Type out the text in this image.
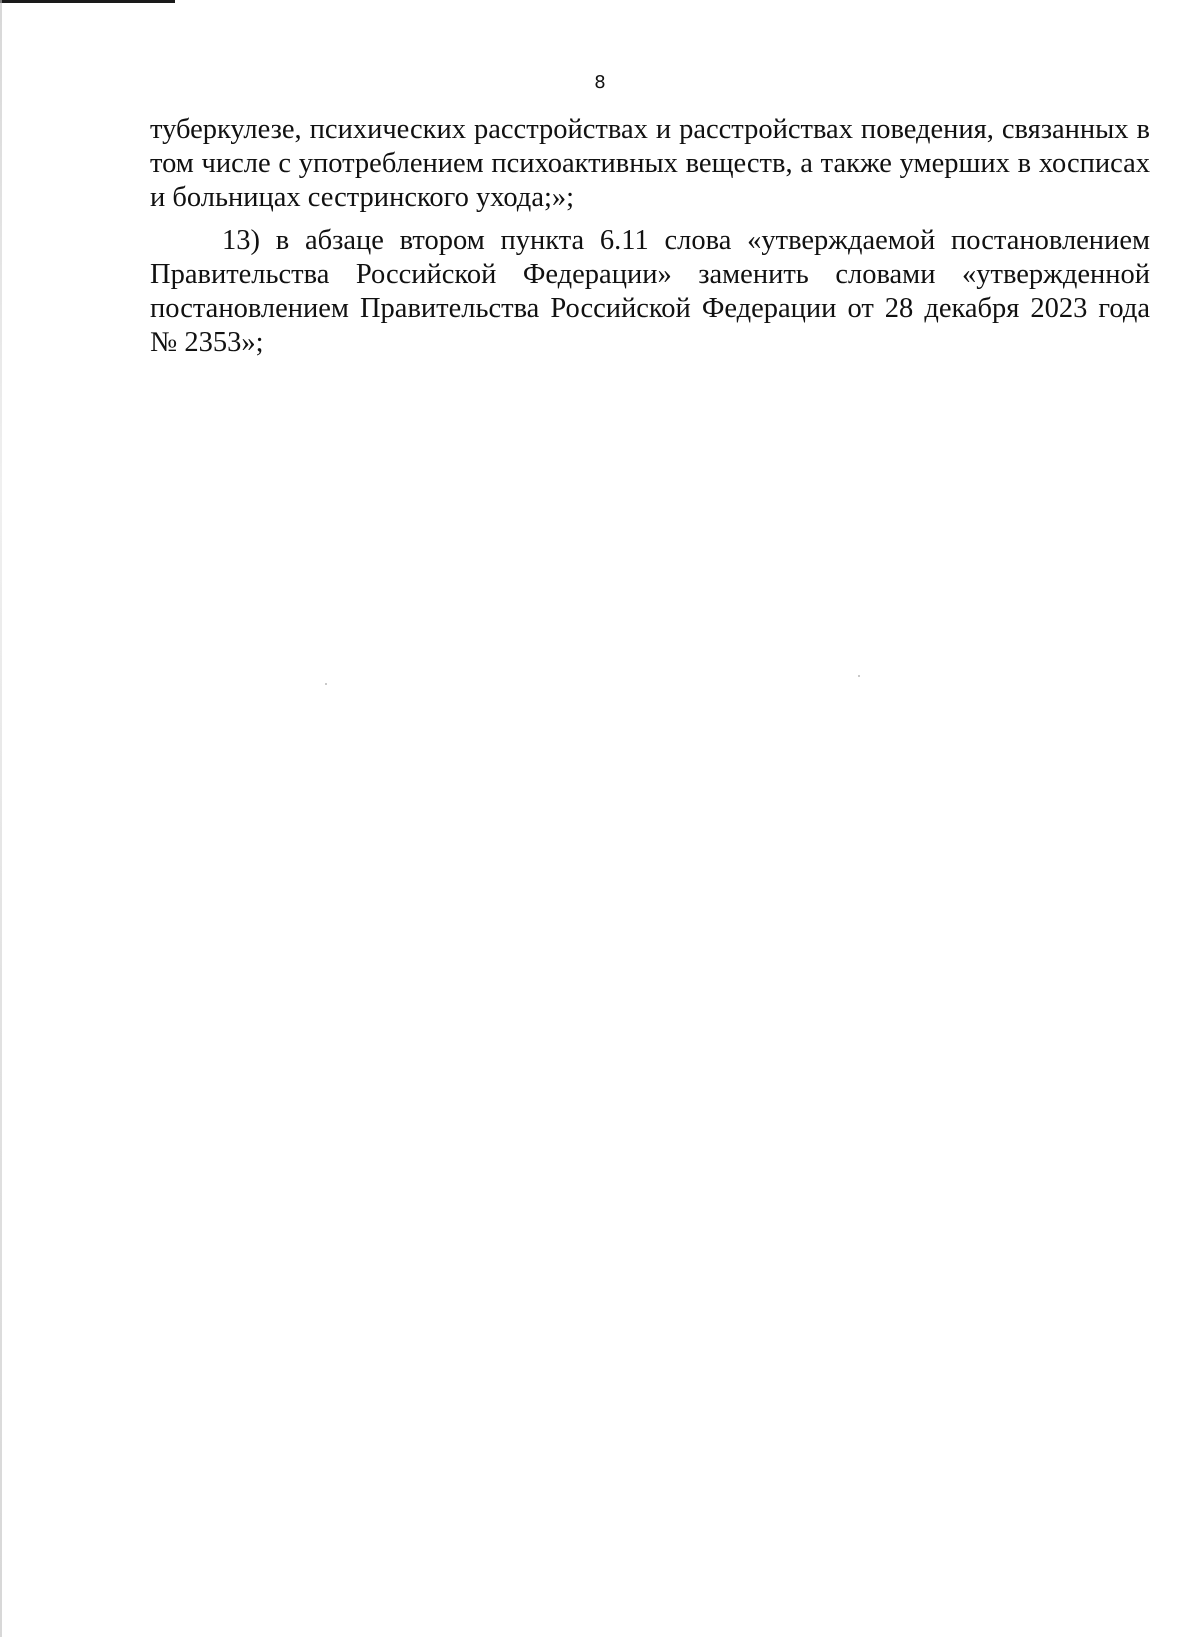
8

туберкулезе, психических расстройствах и расстройствах поведения, связанных в том числе с употреблением психоактивных веществ, а также умерших в хосписах и больницах сестринского ухода;»;

13) в абзаце втором пункта 6.11 слова «утверждаемой постановлением Правительства Российской Федерации» заменить словами «утвержденной постановлением Правительства Российской Федерации от 28 декабря 2023 года № 2353»;
